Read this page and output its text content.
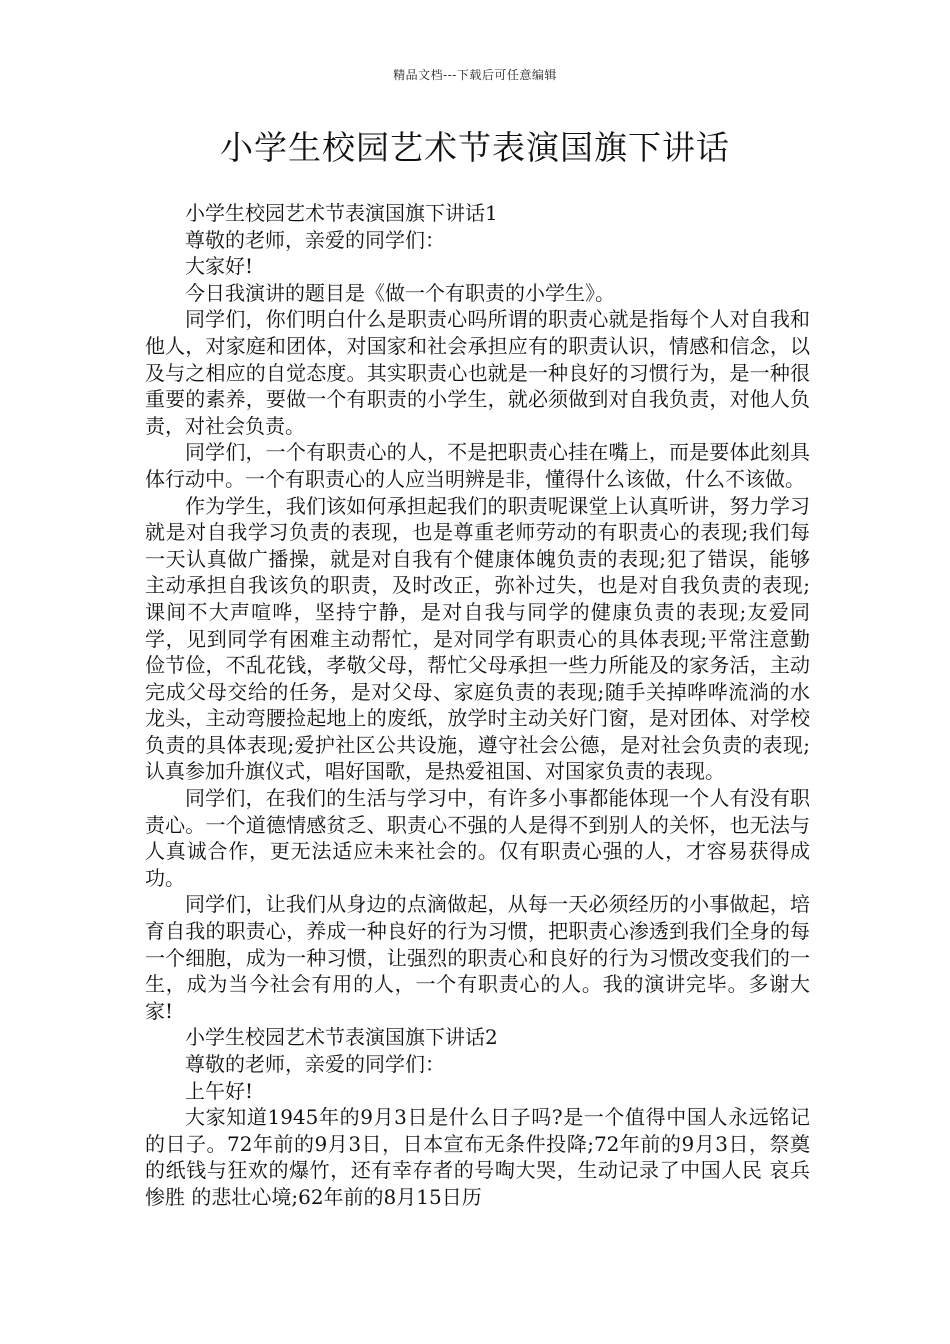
精品文档---下载后可任意编辑
小学生校园艺术节表演国旗下讲话

小学生校园艺术节表演国旗下讲话1

尊敬的老师，亲爱的同学们：

大家好!

今日我演讲的题目是《做一个有职责的小学生》。

同学们，你们明白什么是职责心吗所谓的职责心就是指每个人对自我和他人，对家庭和团体，对国家和社会承担应有的职责认识，情感和信念，以及与之相应的自觉态度。其实职责心也就是一种良好的习惯行为，是一种很重要的素养，要做一个有职责的小学生，就必须做到对自我负责，对他人负责，对社会负责。

同学们，一个有职责心的人，不是把职责心挂在嘴上，而是要体此刻具体行动中。一个有职责心的人应当明辨是非，懂得什么该做，什么不该做。

作为学生，我们该如何承担起我们的职责呢课堂上认真听讲，努力学习就是对自我学习负责的表现，也是尊重老师劳动的有职责心的表现;我们每一天认真做广播操，就是对自我有个健康体魄负责的表现;犯了错误，能够主动承担自我该负的职责，及时改正，弥补过失，也是对自我负责的表现;课间不大声喧哗，坚持宁静，是对自我与同学的健康负责的表现;友爱同学，见到同学有困难主动帮忙，是对同学有职责心的具体表现;平常注意勤俭节俭，不乱花钱，孝敬父母，帮忙父母承担一些力所能及的家务活，主动完成父母交给的任务，是对父母、家庭负责的表现;随手关掉哗哗流淌的水龙头，主动弯腰捡起地上的废纸，放学时主动关好门窗，是对团体、对学校负责的具体表现;爱护社区公共设施，遵守社会公德，是对社会负责的表现;认真参加升旗仪式，唱好国歌，是热爱祖国、对国家负责的表现。

同学们，在我们的生活与学习中，有许多小事都能体现一个人有没有职责心。一个道德情感贫乏、职责心不强的人是得不到别人的关怀，也无法与人真诚合作，更无法适应未来社会的。仅有职责心强的人，才容易获得成功。

同学们，让我们从身边的点滴做起，从每一天必须经历的小事做起，培育自我的职责心，养成一种良好的行为习惯，把职责心渗透到我们全身的每一个细胞，成为一种习惯，让强烈的职责心和良好的行为习惯改变我们的一生，成为当今社会有用的人，一个有职责心的人。我的演讲完毕。多谢大家!

小学生校园艺术节表演国旗下讲话2

尊敬的老师，亲爱的同学们：

上午好!

大家知道1945年的9月3日是什么日子吗?是一个值得中国人永远铭记的日子。72年前的9月3日，日本宣布无条件投降;72年前的9月3日，祭奠的纸钱与狂欢的爆竹，还有幸存者的号啕大哭，生动记录了中国人民 哀兵惨胜 的悲壮心境;62年前的8月15日历
